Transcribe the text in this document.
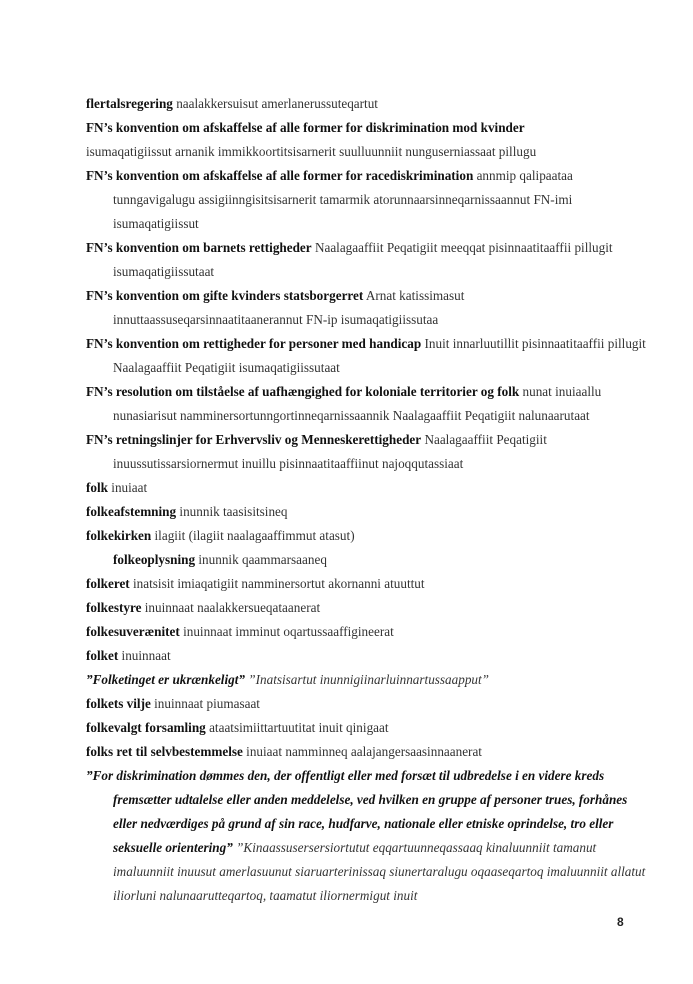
flertalsregering naalakkersuisut amerlanerussuteqartut

FN’s konvention om afskaffelse af alle former for diskrimination mod kvinder

isumaqatigiissut arnanik immikkoortitsisarnerit suulluunniit nunguserniassaat pillugu

FN’s konvention om afskaffelse af alle former for racediskrimination annmip qalipaataa tunngavigalugu assigiinngisitsisarnerit tamarmik atorunnaarsinneqarnissaannut FN-imi isumaqatigiissut

FN’s konvention om barnets rettigheder Naalagaaffiit Peqatigiit meeqqat pisinnaatitaaffii pillugit isumaqatigiissutaat

FN’s konvention om gifte kvinders statsborgerret Arnat katissimasut innuttaassuseqarsinnaatitaanerannut FN-ip isumaqatigiissutaa

FN’s konvention om rettigheder for personer med handicap Inuit innarluutillit pisinnaatitaaffii pillugit Naalagaaffiit Peqatigiit isumaqatigiissutaat

FN’s resolution om tilståelse af uafhængighed for koloniale territorier og folk nunat inuiaallu nunasiarisut namminersortunngortinneqarnissaannik Naalagaaffiit Peqatigiit nalunaarutaat

FN’s retningslinjer for Erhvervsliv og Menneskerettigheder Naalagaaffiit Peqatigiit inuussutissarsiornermut inuillu pisinnaatitaaffiinut najoqqutassiaat

folk inuiaat

folkeafstemning inunnik taasisitsineq

folkekirken ilagiit (ilagiit naalagaaffimmut atasut)

folkeoplysning inunnik qaammarsaaneq

folkeret inatsisit imiaqatigiit namminersortut akornanni atuuttut

folkestyre inuinnaat naalakkersueqataanerat

folkesuverænitet inuinnaat imminut oqartussaaffigineerat

folket inuinnaat

”Folketinget er ukrænkeligt” ”Inatsisartut inunnigiinarluinnartussaapput”

folkets vilje inuinnaat piumasaat

folkevalgt forsamling ataatsimiittartuutitat inuit qinigaat

folks ret til selvbestemmelse inuiaat namminneq aalajangersaasinnaanerat

”For diskrimination dømmes den, der offentligt eller med forsæt til udbredelse i en videre kreds fremsætter udtalelse eller anden meddelelse, ved hvilken en gruppe af personer trues, forhånes eller nedværdiges på grund af sin race, hudfarve, nationale eller etniske oprindelse, tro eller seksuelle orientering” ”Kinaassusersersiortutut eqqartuunneqassaaq kinaluunniit tamanut imaluunniit inuusut amerlasuunut siaruarterinissaq siunertaralugu oqaaseqartoq imaluunniit allatut iliorluni nalunaarutteqartoq, taamatut iliornermigut inuit

8
